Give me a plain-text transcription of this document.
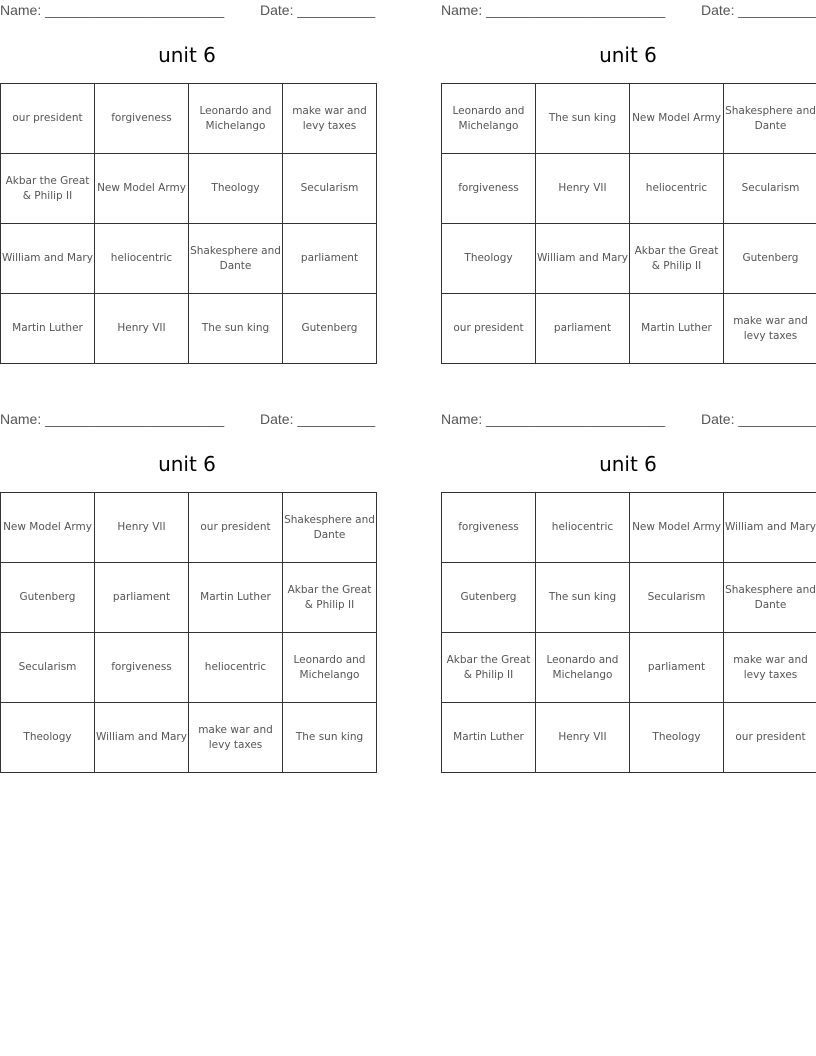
Name: _______________________	Date: __________
unit 6
our president	forgiveness	Leonardo and Michelango	make war and levy taxes

Akbar the Great & Philip II	New Model Army	Theology	Secularism

William and Mary	heliocentric	Shakesphere and Dante	parliament

Martin Luther	Henry VII	The sun king	Gutenberg
Name: _______________________	Date: __________
unit 6
Leonardo and Michelango	The sun king	New Model Army	Shakesphere and Dante

forgiveness	Henry VII	heliocentric	Secularism

Theology	William and Mary	Akbar the Great & Philip II	Gutenberg

our president	parliament	Martin Luther	make war and levy taxes
Name: _______________________	Date: __________
unit 6
New Model Army	Henry VII	our president	Shakesphere and Dante

Gutenberg	parliament	Martin Luther	Akbar the Great & Philip II

Secularism	forgiveness	heliocentric	Leonardo and Michelango

Theology	William and Mary	make war and levy taxes	The sun king
Name: _______________________	Date: __________
unit 6
forgiveness	heliocentric	New Model Army	William and Mary

Gutenberg	The sun king	Secularism	Shakesphere and Dante

Akbar the Great & Philip II	Leonardo and Michelango	parliament	make war and levy taxes

Martin Luther	Henry VII	Theology	our president
